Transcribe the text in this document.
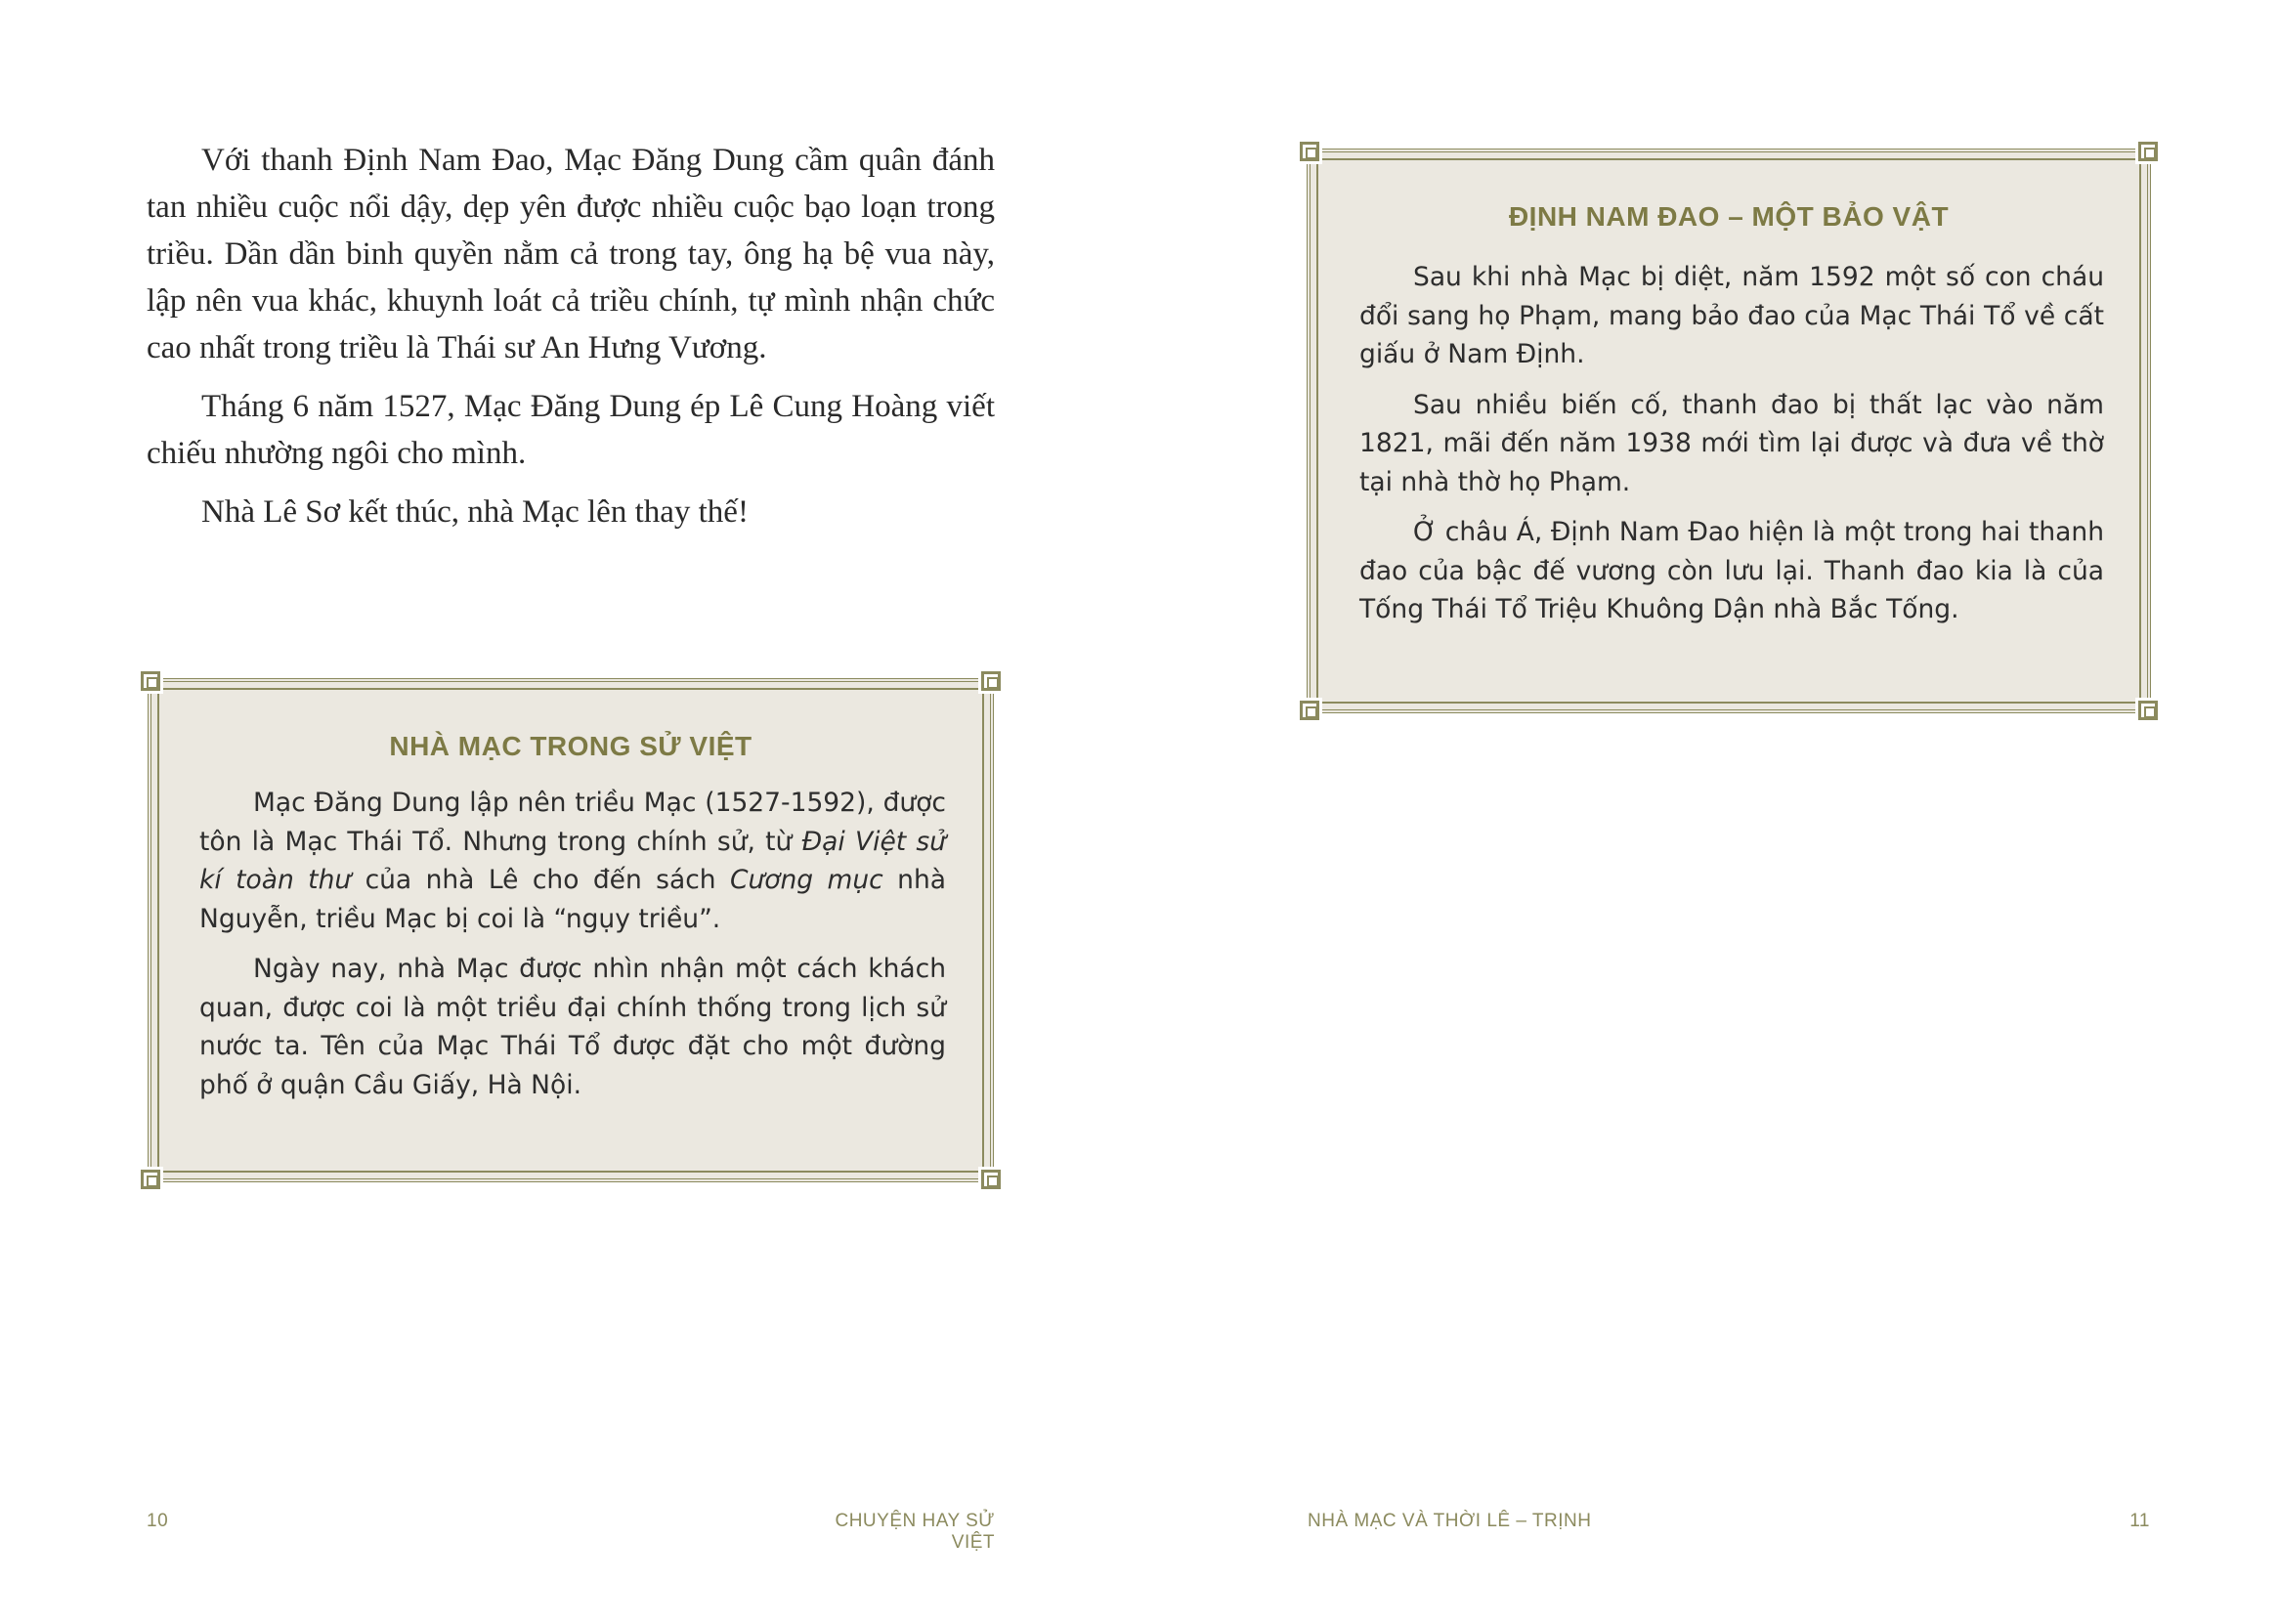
Với thanh Định Nam Đao, Mạc Đăng Dung cầm quân đánh tan nhiều cuộc nổi dậy, dẹp yên được nhiều cuộc bạo loạn trong triều. Dần dần binh quyền nằm cả trong tay, ông hạ bệ vua này, lập nên vua khác, khuynh loát cả triều chính, tự mình nhận chức cao nhất trong triều là Thái sư An Hưng Vương.

Tháng 6 năm 1527, Mạc Đăng Dung ép Lê Cung Hoàng viết chiếu nhường ngôi cho mình.

Nhà Lê Sơ kết thúc, nhà Mạc lên thay thế!

NHÀ MẠC TRONG SỬ VIỆT

Mạc Đăng Dung lập nên triều Mạc (1527-1592), được tôn là Mạc Thái Tổ. Nhưng trong chính sử, từ Đại Việt sử kí toàn thư của nhà Lê cho đến sách Cương mục nhà Nguyễn, triều Mạc bị coi là “ngụy triều”.

Ngày nay, nhà Mạc được nhìn nhận một cách khách quan, được coi là một triều đại chính thống trong lịch sử nước ta. Tên của Mạc Thái Tổ được đặt cho một đường phố ở quận Cầu Giấy, Hà Nội.

ĐỊNH NAM ĐAO – MỘT BẢO VẬT

Sau khi nhà Mạc bị diệt, năm 1592 một số con cháu đổi sang họ Phạm, mang bảo đao của Mạc Thái Tổ về cất giấu ở Nam Định.

Sau nhiều biến cố, thanh đao bị thất lạc vào năm 1821, mãi đến năm 1938 mới tìm lại được và đưa về thờ tại nhà thờ họ Phạm.

Ở châu Á, Định Nam Đao hiện là một trong hai thanh đao của bậc đế vương còn lưu lại. Thanh đao kia là của Tống Thái Tổ Triệu Khuông Dận nhà Bắc Tống.

10	CHUYỆN HAY SỬ VIỆT
NHÀ MẠC VÀ THỜI LÊ – TRỊNH	11
